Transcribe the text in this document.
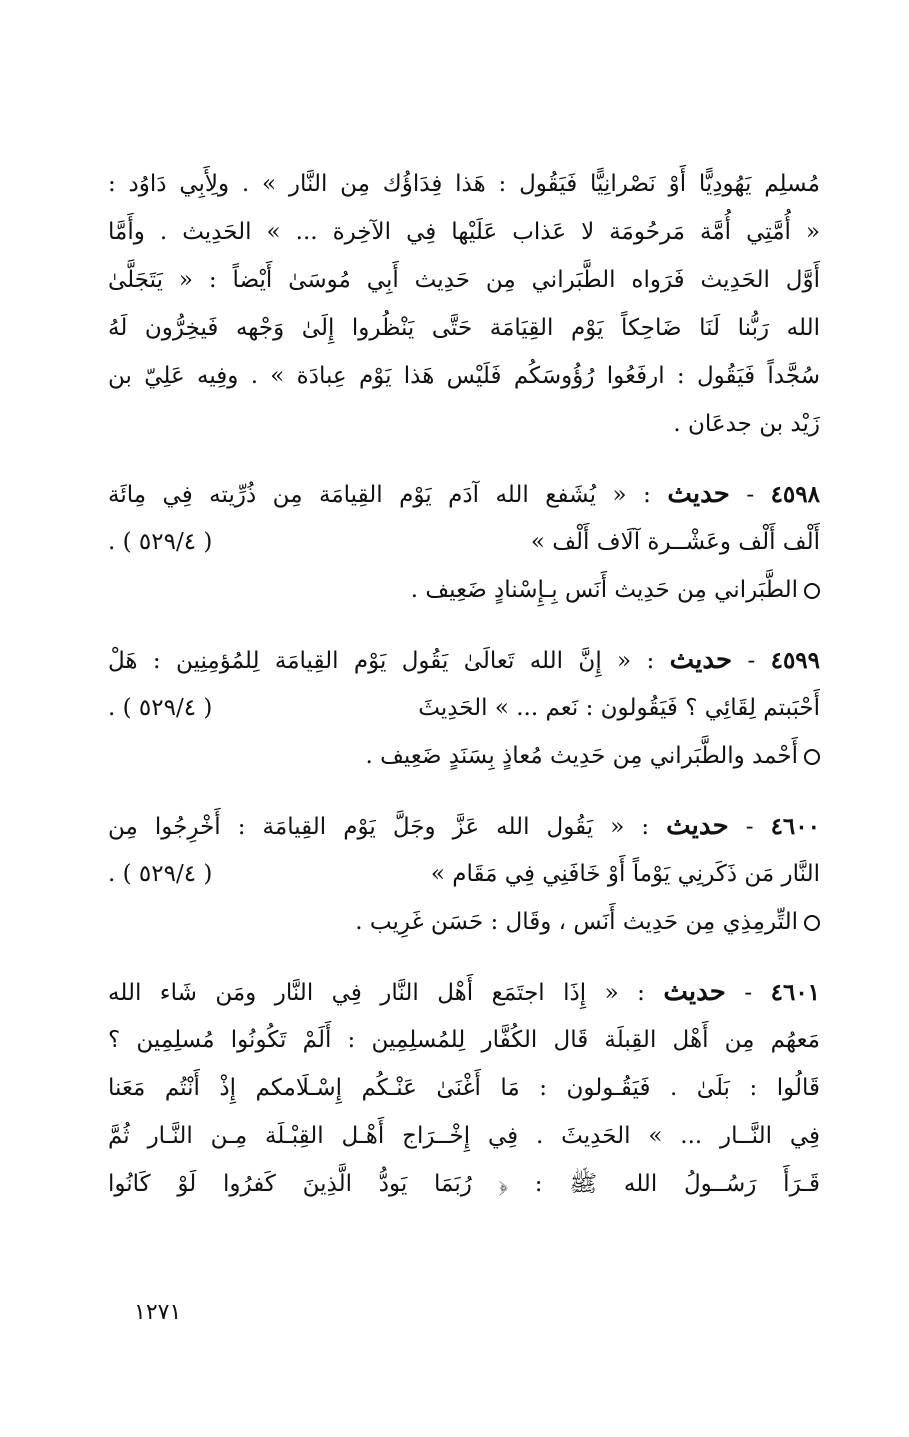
مُسلِم يَهُودِيًّا أَوْ نَصْرانِيًّا فَيَقُول : هَذا فِدَاؤُك مِن النَّار » . ولِأَبِي دَاوُد :
« أُمَّتِي أُمَّة مَرحُومَة لا عَذاب عَلَيْها فِي الآخِرة ... » الحَدِيث . وأَمَّا
أَوَّل الحَدِيث فَرَواه الطَّبَراني مِن حَدِيث أَبِي مُوسَىٰ أَيْضاً : « يَتَجَلَّىٰ
الله رَبُّنا لَنَا ضَاحِكاً يَوْم القِيَامَة حَتَّى يَنْظُروا إِلَىٰ وَجْهه فَيخِرُّون لَهُ
سُجَّداً فَيَقُول : ارفَعُوا رُؤُوسَكُم فَلَيْس هَذا يَوْم عِبادَة » . وفِيه عَلِيّ بن
زَيْد بن جدعَان .
٤٥٩٨ - حديث : « يُشَفع الله آدَم يَوْم القِيامَة مِن ذُرِّيته فِي مِائَة
أَلْف أَلْف وعَشْــرة آلَاف أَلْف »
( ٥٢٩/٤ ) .
الطَّبَراني مِن حَدِيث أَنَس بِـإِسْنادٍ ضَعِيف .
٤٥٩٩ - حديث : « إِنَّ الله تَعالَىٰ يَقُول يَوْم القِيامَة لِلمُؤمِنِين : هَلْ
أَحْبَبتم لِقَائِي ؟ فَيَقُولون : نَعم ... » الحَدِيثَ
( ٥٢٩/٤ ) .
أَحْمد والطَّبَراني مِن حَدِيث مُعاذٍ بِسَنَدٍ ضَعِيف .
٤٦٠٠ - حديث : « يَقُول الله عَزَّ وجَلَّ يَوْم القِيامَة : أَخْرِجُوا مِن
النَّار مَن ذَكَرنِي يَوْماً أَوْ خَافَنِي فِي مَقَام »
( ٥٢٩/٤ ) .
التِّرمِذِي مِن حَدِيث أَنَس ، وقَال : حَسَن غَرِيب .
٤٦٠١ - حديث : « إِذَا اجتَمَع أَهْل النَّار فِي النَّار ومَن شَاء الله
مَعهُم مِن أَهْل القِبلَة قَال الكُفَّار لِلمُسلِمِين : أَلَمْ تَكُونُوا مُسلِمِين ؟
قَالُوا : بَلَىٰ . فَيَقُـولون : مَا أَغْنَىٰ عَنْـكُم إِسْـلَامكم إِذْ أَنْتُم مَعَنا
فِي النَّــار ... » الحَدِيثَ . فِي إِخْــرَاج أَهْـل القِبْـلَة مِـن النَّـار ثُمَّ
قَـرَأَ رَسُــولُ الله ﷺ : ﴿ رُبَمَا يَودُّ الَّذِينَ كَفرُوا لَوْ كَانُوا
١٢٧١
